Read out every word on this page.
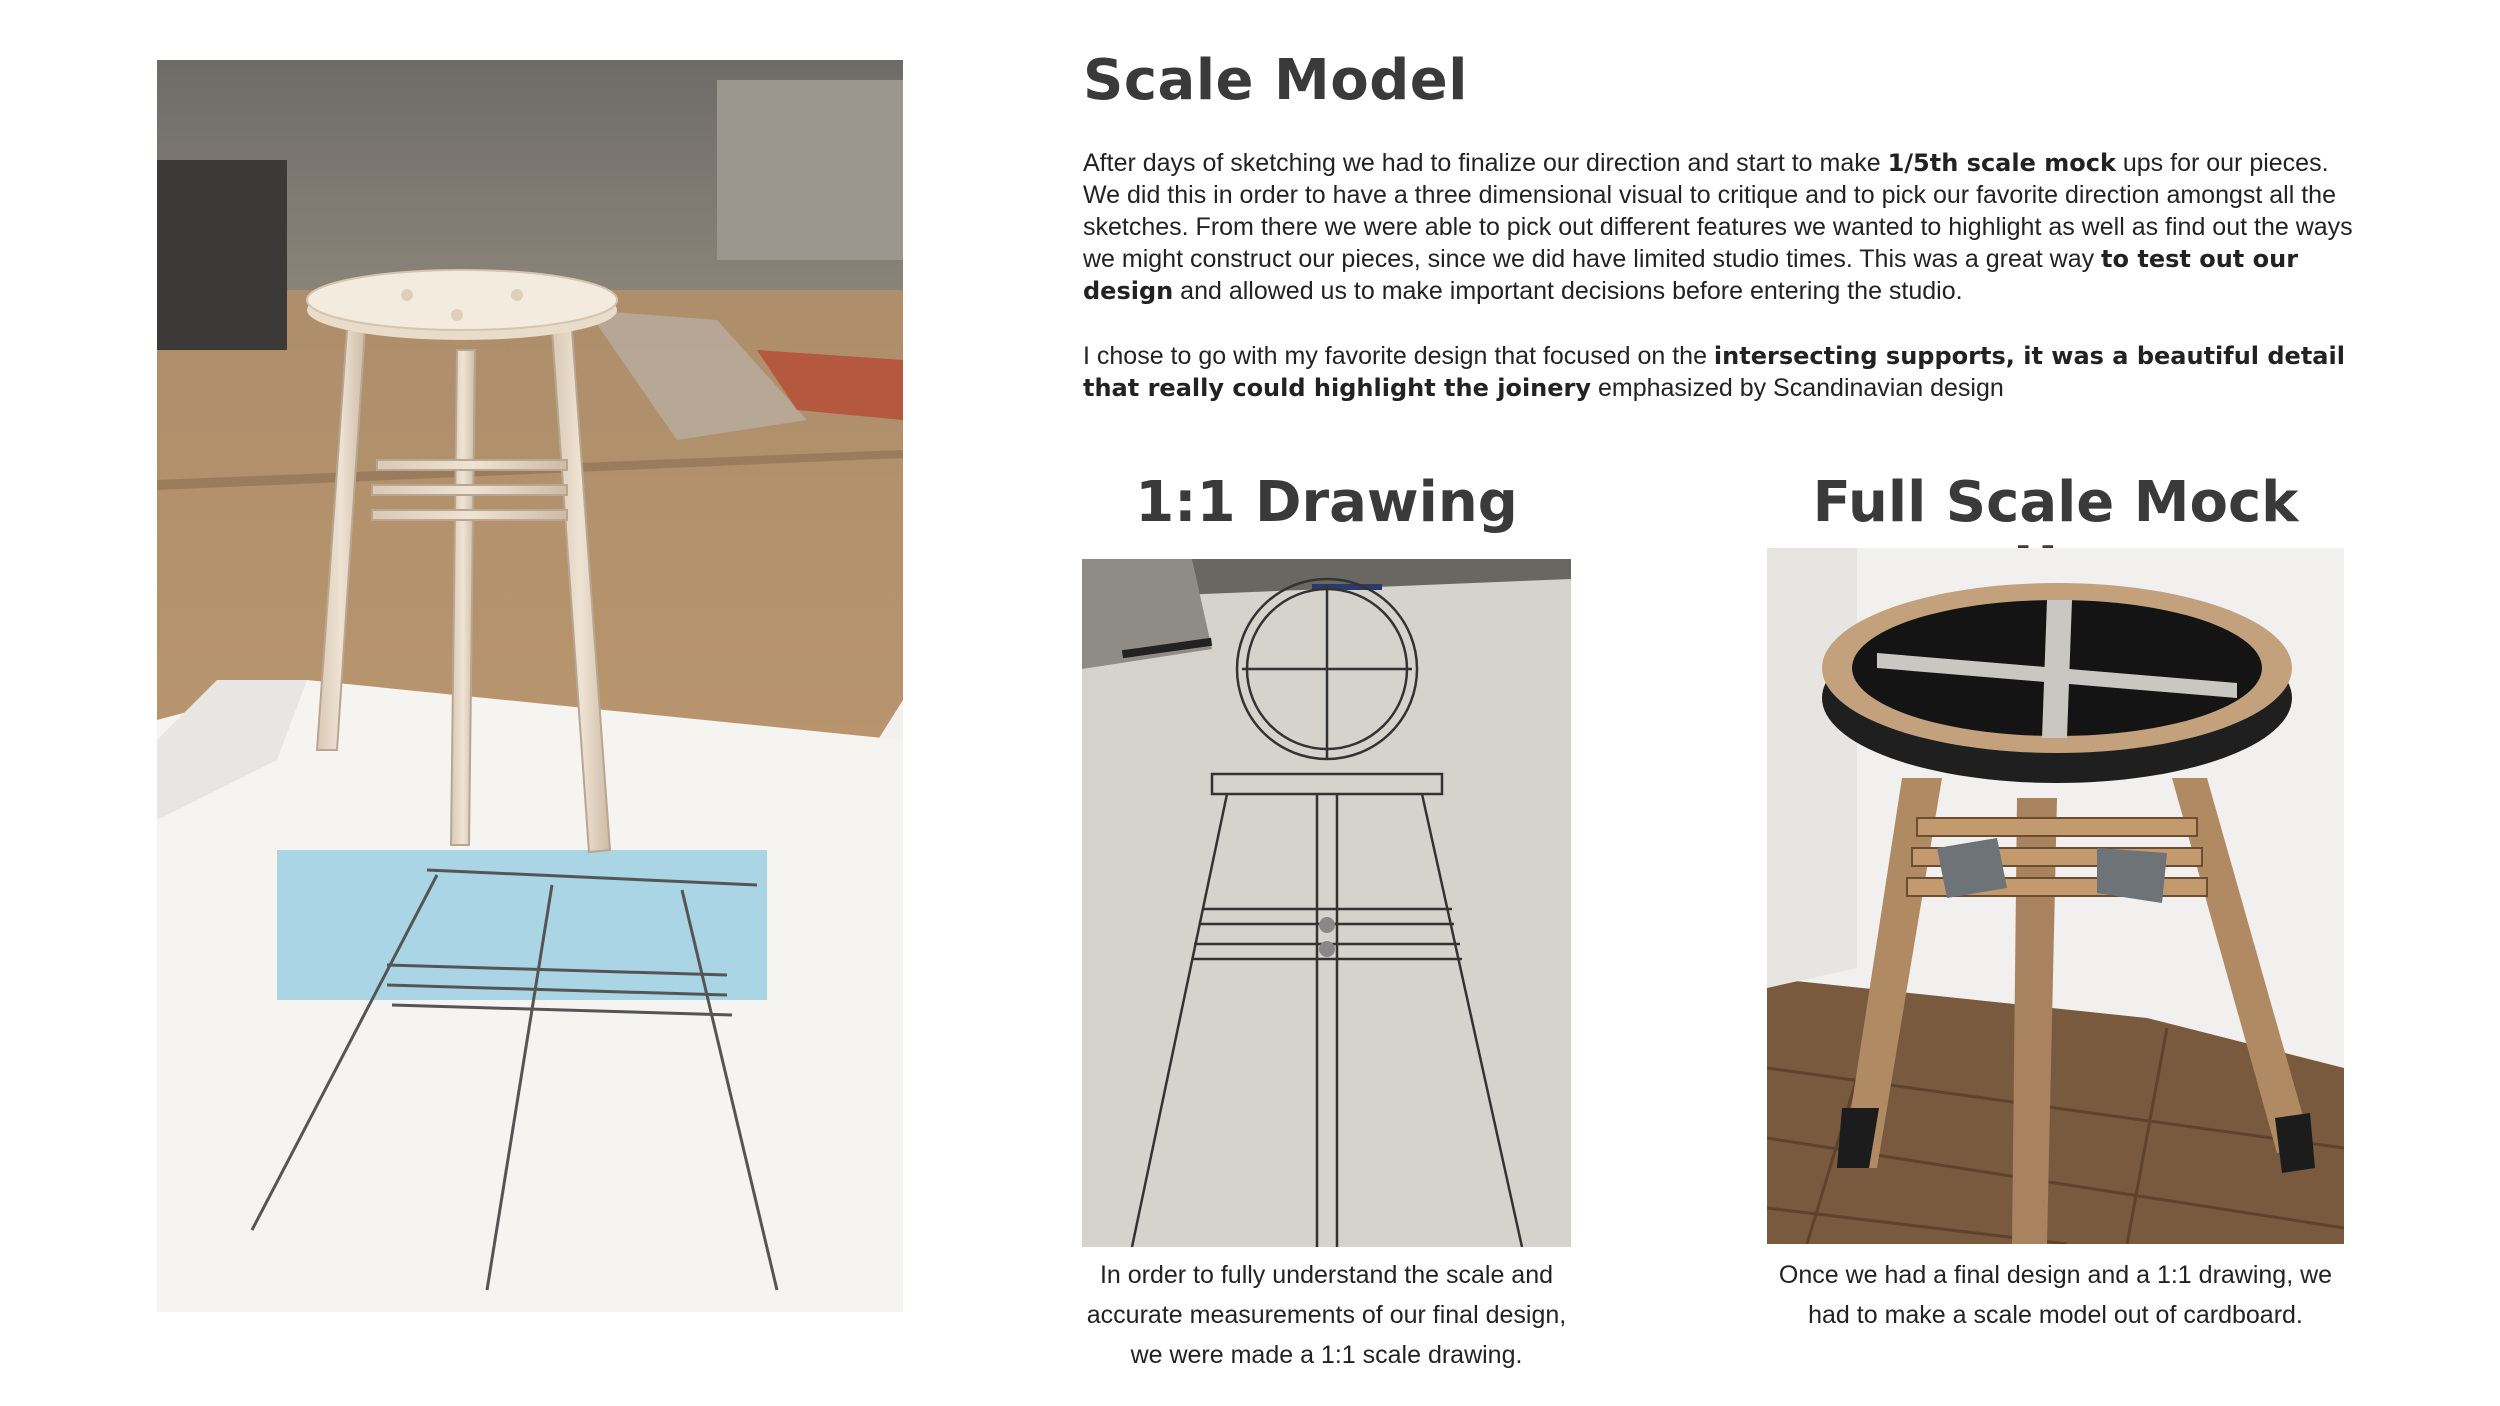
Scale Model

After days of sketching we had to finalize our direction and start to make 1/5th scale mock ups for our pieces. We did this in order to have a three dimensional visual to critique and to pick our favorite direction amongst all the sketches. From there we were able to pick out different features we wanted to highlight as well as find out the ways we might construct our pieces, since we did have limited studio times. This was a great way to test out our design and allowed us to make important decisions before entering the studio.

I chose to go with my favorite design that focused on the intersecting supports, it was a beautiful detail that really could highlight the joinery emphasized by Scandinavian design

1:1 Drawing	Full Scale Mock
In order to fully understand the scale and accurate measurements of our final design, we were made a 1:1 scale drawing.
Once we had a final design and a 1:1 drawing, we had to make a scale model out of cardboard.
